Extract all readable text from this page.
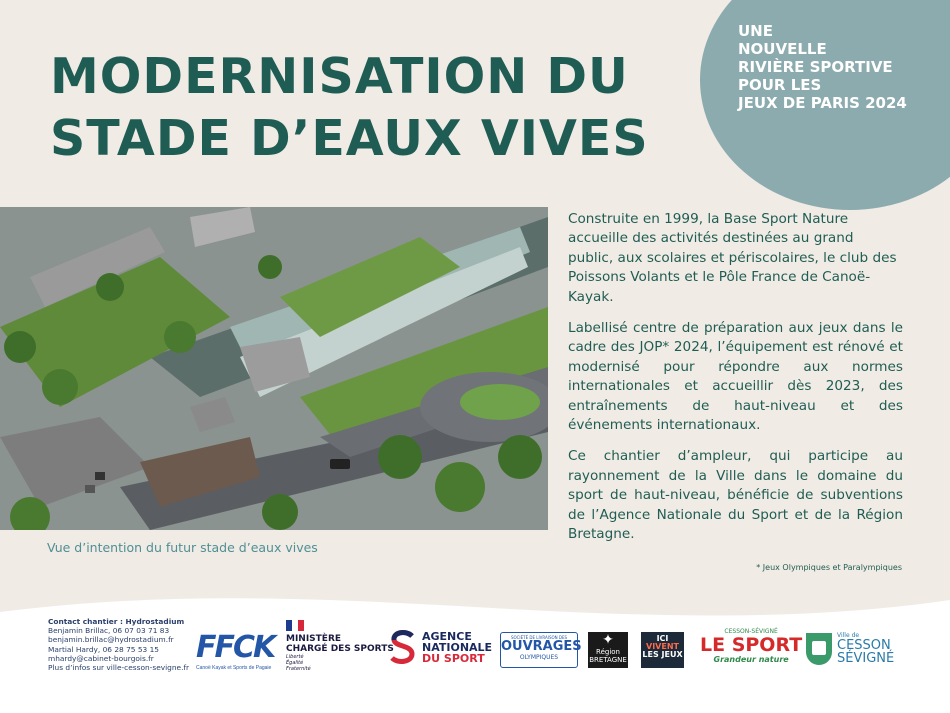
UNE
NOUVELLE
RIVIÈRE SPORTIVE
POUR LES
JEUX DE PARIS 2024
MODERNISATION DU
STADE D’EAUX VIVES
Vue d’intention du futur stade d’eaux vives

Construite en 1999, la Base Sport Nature accueille des activités destinées au grand public, aux scolaires et périscolaires, le club des Poissons Volants et le Pôle France de Canoë-Kayak.

Labellisé centre de préparation aux jeux dans le cadre des JOP* 2024, l’équipement est rénové et modernisé pour répondre aux normes internationales et accueillir dès 2023, des entraînements de haut-niveau et des événements internationaux.

Ce chantier d’ampleur, qui participe au rayonnement de la Ville dans le domaine du sport de haut-niveau, bénéficie de subventions de l’Agence Nationale du Sport et de la Région Bretagne.

* Jeux Olympiques et Paralympiques
Contact chantier : Hydrostadium
Benjamin Brillac, 06 07 03 71 83
benjamin.brillac@hydrostadium.fr
Martial Hardy, 06 28 75 53 15
mhardy@cabinet-bourgois.fr
Plus d’infos sur ville-cesson-sevigne.fr
FFCK
Canoë Kayak et Sports de Pagaie
MINISTÈRE
CHARGÉ DES SPORTS
Liberté
Égalité
Fraternité
AGENCE
NATIONALE
DU SPORT
SOCIÉTÉ DE LIVRAISON DES
OUVRAGES
OLYMPIQUES
✦
Région BRETAGNE
ICI
VIVENT
LES JEUX
CESSON-SÉVIGNÉ
LE SPORT
Grandeur nature
Ville de
CESSON
SÉVIGNÉ
